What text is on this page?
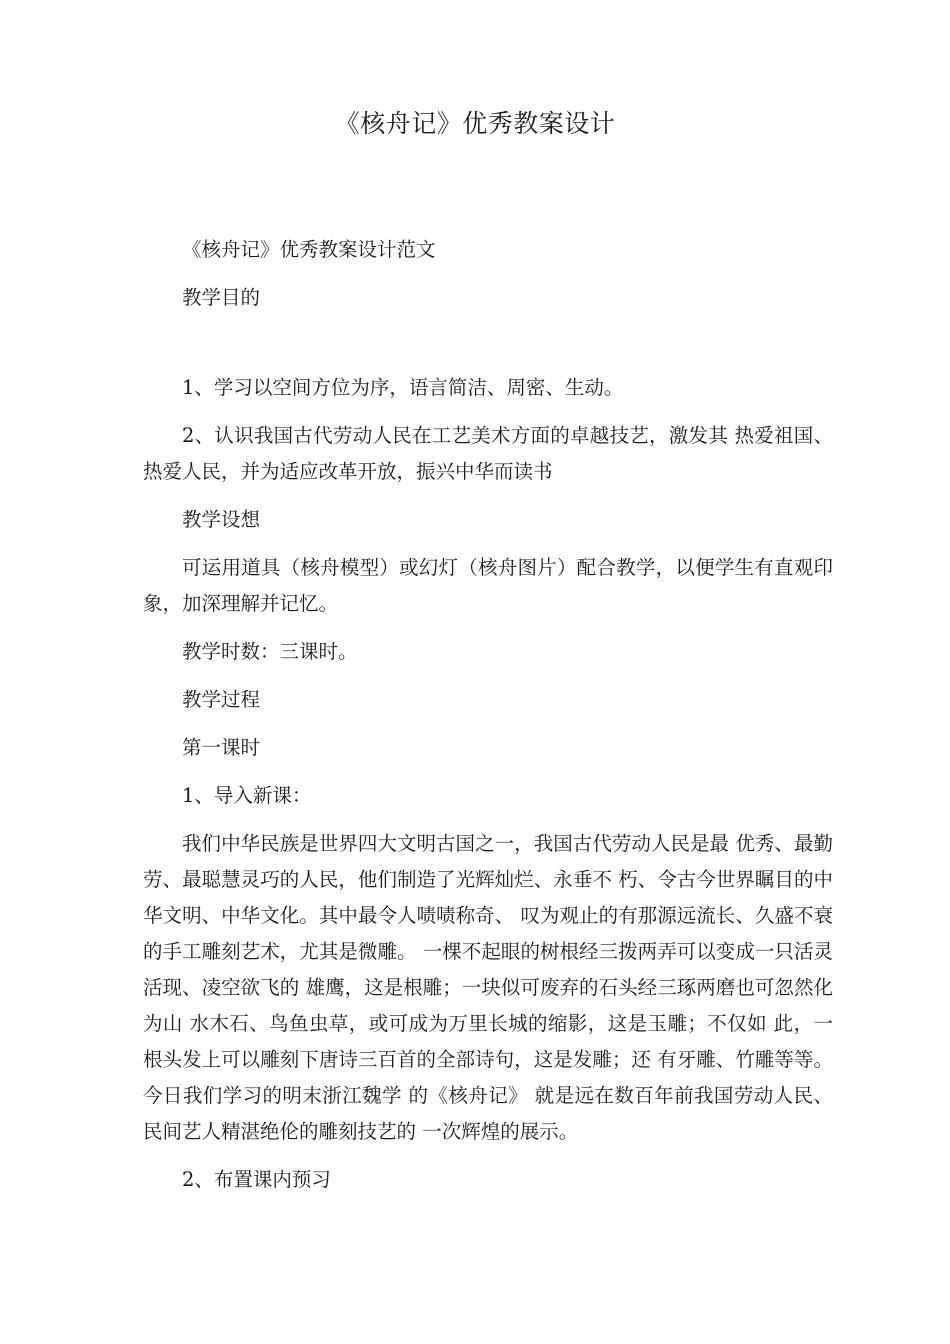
《核舟记》优秀教案设计

《核舟记》优秀教案设计范文

教学目的

1、学习以空间方位为序，语言简洁、周密、生动。

2、认识我国古代劳动人民在工艺美术方面的卓越技艺，激发其 热爱祖国、热爱人民，并为适应改革开放，振兴中华而读书

教学设想

可运用道具（核舟模型）或幻灯（核舟图片）配合教学，以便学生有直观印象，加深理解并记忆。

教学时数：三课时。

教学过程

第一课时

1、导入新课：

我们中华民族是世界四大文明古国之一，我国古代劳动人民是最 优秀、最勤劳、最聪慧灵巧的人民，他们制造了光辉灿烂、永垂不 朽、令古今世界瞩目的中华文明、中华文化。其中最令人啧啧称奇、 叹为观止的有那源远流长、久盛不衰的手工雕刻艺术，尤其是微雕。 一棵不起眼的树根经三拨两弄可以变成一只活灵活现、凌空欲飞的 雄鹰，这是根雕；一块似可废弃的石头经三琢两磨也可忽然化为山 水木石、鸟鱼虫草，或可成为万里长城的缩影，这是玉雕；不仅如 此，一根头发上可以雕刻下唐诗三百首的全部诗句，这是发雕；还 有牙雕、竹雕等等。今日我们学习的明末浙江魏学 的《核舟记》 就是远在数百年前我国劳动人民、民间艺人精湛绝伦的雕刻技艺的 一次辉煌的展示。

2、布置课内预习
